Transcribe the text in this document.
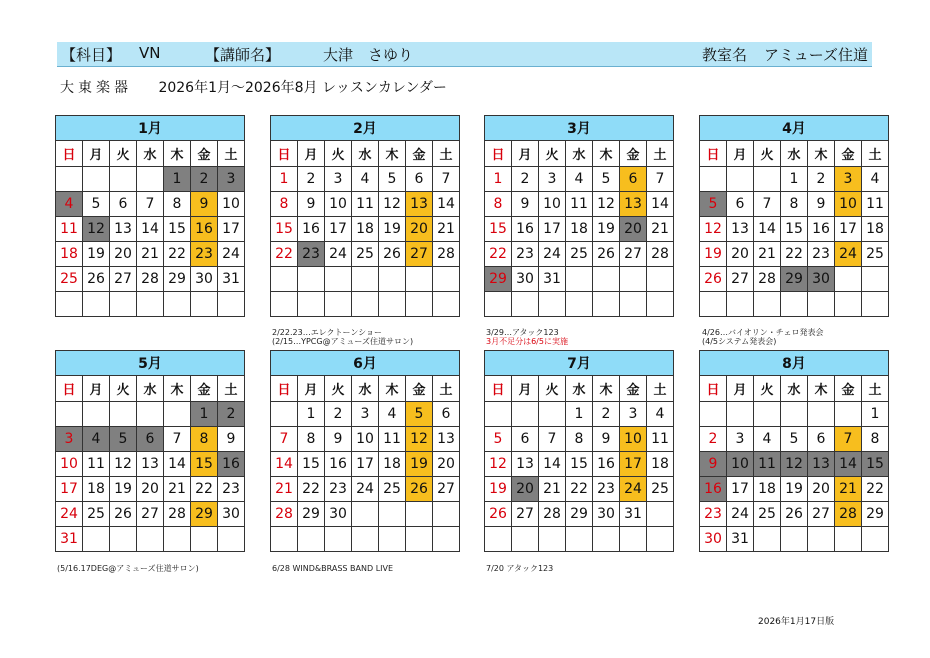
【科目】 VN	【講師名】	大津　さゆり	教室名 アミューズ住道
大東楽器 2026年1月～2026年8月 レッスンカレンダー
1月						
日	月	火	水	木	金	土
				1	2	3
4	5	6	7	8	9	10
11	12	13	14	15	16	17
18	19	20	21	22	23	24
25	26	27	28	29	30	31

2月						
日	月	火	水	木	金	土
1	2	3	4	5	6	7
8	9	10	11	12	13	14
15	16	17	18	19	20	21
22	23	24	25	26	27	28

3月						
日	月	火	水	木	金	土
1	2	3	4	5	6	7
8	9	10	11	12	13	14
15	16	17	18	19	20	21
22	23	24	25	26	27	28
29	30	31				

4月						
日	月	火	水	木	金	土
			1	2	3	4
5	6	7	8	9	10	11
12	13	14	15	16	17	18
19	20	21	22	23	24	25
26	27	28	29	30		

5月						
日	月	火	水	木	金	土
					1	2
3	4	5	6	7	8	9
10	11	12	13	14	15	16
17	18	19	20	21	22	23
24	25	26	27	28	29	30
31						
6月						
日	月	火	水	木	金	土
	1	2	3	4	5	6
7	8	9	10	11	12	13
14	15	16	17	18	19	20
21	22	23	24	25	26	27
28	29	30				

7月						
日	月	火	水	木	金	土
			1	2	3	4
5	6	7	8	9	10	11
12	13	14	15	16	17	18
19	20	21	22	23	24	25
26	27	28	29	30	31	

8月						
日	月	火	水	木	金	土
						1
2	3	4	5	6	7	8
9	10	11	12	13	14	15
16	17	18	19	20	21	22
23	24	25	26	27	28	29
30	31					
2/22.23…エレクトーンショー
(2/15…YPCG@アミューズ住道サロン)
3/29…アタック123
3月不足分は6/5に実施
4/26…バイオリン・チェロ発表会
(4/5システム発表会)
(5/16.17DEG@アミューズ住道サロン)	6/28 WIND&BRASS BAND LIVE	7/20 アタック123
2026年1月17日版
